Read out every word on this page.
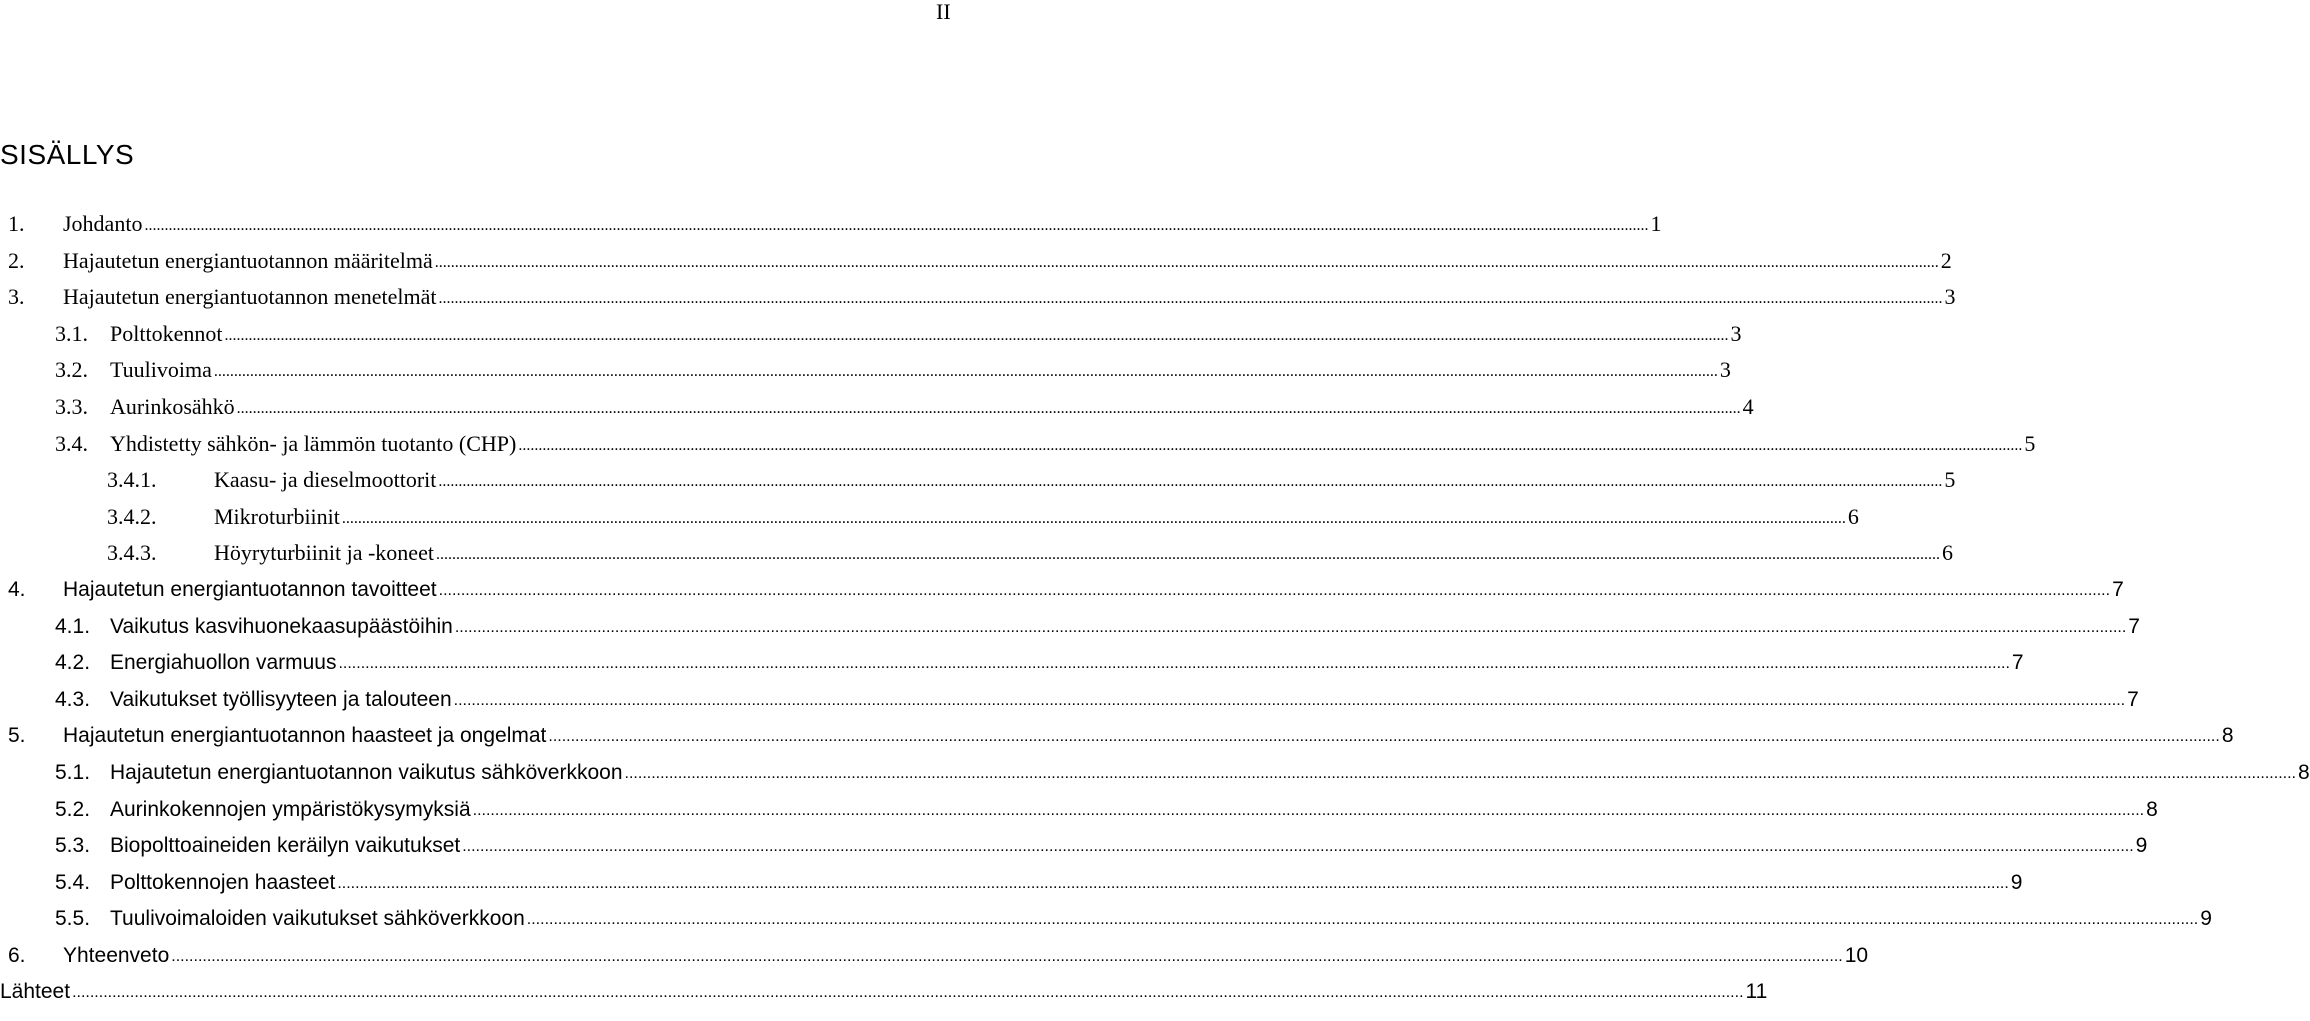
II
SISÄLLYS
1.	Johdanto .....	1
2.	Hajautetun energiantuotannon määritelmä .....	2
3.	Hajautetun energiantuotannon menetelmät .....	3
3.1.	Polttokennot .....	3
3.2.	Tuulivoima .....	3
3.3.	Aurinkosähkö .....	4
3.4.	Yhdistetty sähkön- ja lämmön tuotanto (CHP) .....	5
3.4.1.	Kaasu- ja dieselmoottorit .....	5
3.4.2.	Mikroturbiinit .....	6
3.4.3.	Höyryturbiinit ja -koneet .....	6
4.	Hajautetun energiantuotannon tavoitteet .....	7
4.1. Vaikutus kasvihuonekaasupäästöihin .....	7
4.2. Energiahuollon varmuus .....	7
4.3. Vaikutukset työllisyyteen ja talouteen .....	7
5.	Hajautetun energiantuotannon haasteet ja ongelmat .....	8
5.1. Hajautetun energiantuotannon vaikutus sähköverkkoon .....	8
5.2. Aurinkokennojen ympäristökysymyksiä .....	8
5.3. Biopolttoaineiden keräilyn vaikutukset .....	9
5.4. Polttokennojen haasteet .....	9
5.5. Tuulivoimaloiden vaikutukset sähköverkkoon .....	9
6.	Yhteenveto .....	10
Lähteet .....	11
